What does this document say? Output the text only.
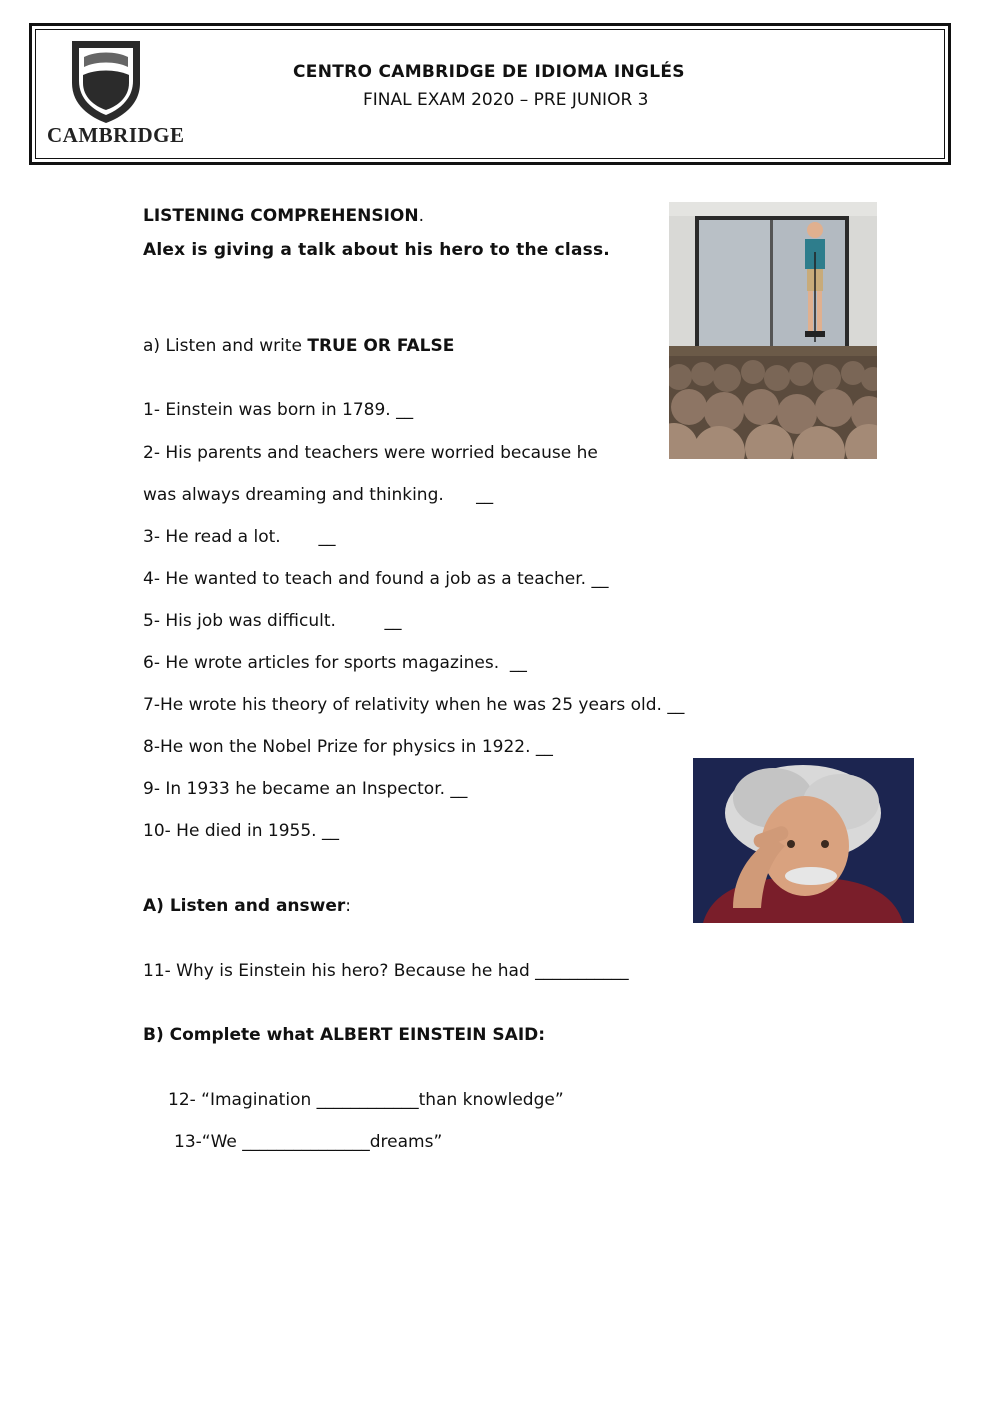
CAMBRIDGE
CENTRO CAMBRIDGE DE IDIOMA INGLÉS
FINAL EXAM 2020 – PRE JUNIOR 3
LISTENING COMPREHENSION.
Alex is giving a talk about his hero to the class.
a) Listen and write TRUE OR FALSE
1- Einstein was born in 1789. __
2- His parents and teachers were worried because he
was always dreaming and thinking.      __
3- He read a lot.       __
4- He wanted to teach and found a job as a teacher. __
5- His job was difficult.         __
6- He wrote articles for sports magazines.  __
7-He wrote his theory of relativity when he was 25 years old. __
8-He won the Nobel Prize for physics in 1922. __
9- In 1933 he became an Inspector. __
10- He died in 1955. __
A) Listen and answer:
11- Why is Einstein his hero? Because he had ___________
B) Complete what ALBERT EINSTEIN SAID:
12- “Imagination ____________than knowledge”
13-“We _______________dreams”
